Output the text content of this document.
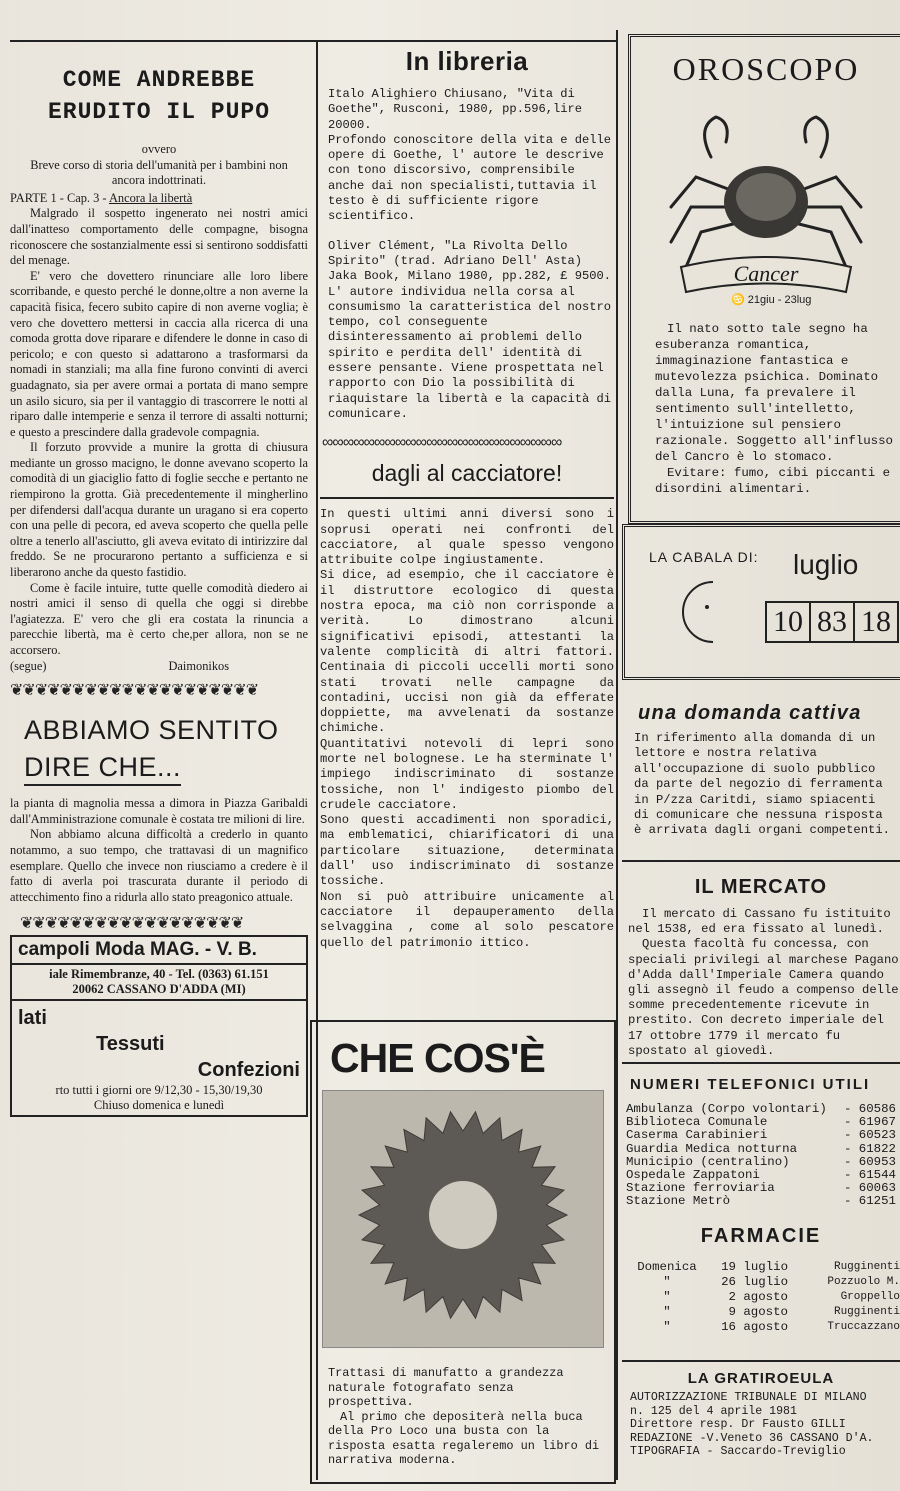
COME ANDREBBE ERUDITO IL PUPO
ovvero
Breve corso di storia dell'umanità per i bambini non ancora indottrinati.
PARTE 1 - Cap. 3 - Ancora la libertà

Malgrado il sospetto ingenerato nei nostri amici dall'inatteso comportamento delle compagne, bisogna riconoscere che sostanzialmente essi si sentirono soddisfatti del menage.

E' vero che dovettero rinunciare alle loro libere scorribande, e questo perché le donne,oltre a non averne la capacità fisica, fecero subito capire di non averne voglia; è vero che dovettero mettersi in caccia alla ricerca di una comoda grotta dove riparare e difendere le donne in caso di pericolo; e con questo si adattarono a trasformarsi da nomadi in stanziali; ma alla fine furono convinti di averci guadagnato, sia per avere ormai a portata di mano sempre un asilo sicuro, sia per il vantaggio di trascorrere le notti al riparo dalle intemperie e senza il terrore di assalti notturni; e questo a prescindere dalla gradevole compagnia.

Il forzuto provvide a munire la grotta di chiusura mediante un grosso macigno, le donne avevano scoperto la comodità di un giaciglio fatto di foglie secche e pertanto ne riempirono la grotta. Già precedentemente il mingherlino per difendersi dall'acqua durante un uragano si era coperto con una pelle di pecora, ed aveva scoperto che quella pelle oltre a tenerlo all'asciutto, gli aveva evitato di intirizzire dal freddo. Se ne procurarono pertanto a sufficienza e si liberarono anche da questo fastidio.

Come è facile intuire, tutte quelle comodità diedero ai nostri amici il senso di quella che oggi si direbbe l'agiatezza. E' vero che gli era costata la rinuncia a parecchie libertà, ma è certo che,per allora, non se ne accorsero.

(segue)	Daimonikos
❦❦❦❦❦❦❦❦❦❦❦❦❦❦❦❦❦❦❦❦
ABBIAMO SENTITO
DIRE CHE...

la pianta di magnolia messa a dimora in Piazza Garibaldi dall'Amministrazione comunale è costata tre milioni di lire.

Non abbiamo alcuna difficoltà a crederlo in quanto notammo, a suo tempo, che trattavasi di un magnifico esemplare. Quello che invece non riusciamo a credere è il fatto di averla poi trascurata durante il periodo di attecchimento fino a ridurla allo stato preagonico attuale.

❦❦❦❦❦❦❦❦❦❦❦❦❦❦❦❦❦❦
campoli Moda MAG. - V. B.
iale Rimembranze, 40 - Tel. (0363) 61.151
20062 CASSANO D'ADDA (MI)
lati
Tessuti
Confezioni
rto tutti i giorni ore 9/12,30 - 15,30/19,30
Chiuso domenica e lunedì
In libreria

Italo Alighiero Chiusano, "Vita di Goethe", Rusconi, 1980, pp.596,lire 20000.

Profondo conoscitore della vita e delle opere di Goethe, l' autore le descrive con tono discorsivo, comprensibile anche dai non specialisti,tuttavia il testo è di sufficiente rigore scientifico.

Oliver Clément, "La Rivolta Dello Spirito" (trad. Adriano Dell' Asta) Jaka Book, Milano 1980, pp.282, £ 9500.

L' autore individua nella corsa al consumismo la caratteristica del nostro tempo, col conseguente disinteressamento ai problemi dello spirito e perdita dell' identità di essere pensante. Viene prospettata nel rapporto con Dio la possibilità di riaquistare la libertà e la capacità di comunicare.

∞∞∞∞∞∞∞∞∞∞∞∞∞∞∞∞∞∞∞∞∞∞∞
dagli al cacciatore!

In questi ultimi anni diversi sono i soprusi operati nei confronti del cacciatore, al quale spesso vengono attribuite colpe ingiustamente.

Si dice, ad esempio, che il cacciatore è il distruttore ecologico di questa nostra epoca, ma ciò non corrisponde a verità. Lo dimostrano alcuni significativi episodi, attestanti la valente complicità di altri fattori. Centinaia di piccoli uccelli morti sono stati trovati nelle campagne da contadini, uccisi non già da efferate doppiette, ma avvelenati da sostanze chimiche.

Quantitativi notevoli di lepri sono morte nel bolognese. Le ha sterminate l' impiego indiscriminato di sostanze tossiche, non l' indigesto piombo del crudele cacciatore.

Sono questi accadimenti non sporadici, ma emblematici, chiarificatori di una particolare situazione, determinata dall' uso indiscriminato di sostanze tossiche.

Non si può attribuire unicamente al cacciatore il depauperamento della selvaggina , come al solo pescatore quello del patrimonio ittico.

CHE COS'È

Trattasi di manufatto a grandezza naturale fotografato senza prospettiva.

Al primo che depositerà nella buca della Pro Loco una busta con la risposta esatta regaleremo un libro di narrativa moderna.

OROSCOPO
Cancer
♋ 21giu - 23lug

Il nato sotto tale segno ha esuberanza romantica, immaginazione fantastica e mutevolezza psichica. Dominato dalla Luna, fa prevalere il sentimento sull'intelletto, l'intuizione sul pensiero razionale. Soggetto all'influsso del Cancro è lo stomaco.

Evitare: fumo, cibi piccanti e disordini alimentari.

LA CABALA DI: luglio
10 83 18
una domanda cattiva
In riferimento alla domanda di un lettore e nostra relativa all'occupazione di suolo pubblico da parte del negozio di ferramenta in P/zza Caritdi, siamo spiacenti di comunicare che nessuna risposta è arrivata dagli organi competenti.
IL MERCATO

Il mercato di Cassano fu istituito nel 1538, ed era fissato al lunedì.

Questa facoltà fu concessa, con speciali privilegi al marchese Pagano d'Adda dall'Imperiale Camera quando gli assegnò il feudo a compenso delle somme precedentemente ricevute in prestito. Con decreto imperiale del 17 ottobre 1779 il mercato fu spostato al giovedì.

NUMERI TELEFONICI UTILI
Ambulanza (Corpo volontari) - 60586
Biblioteca Comunale	- 61967
Caserma Carabinieri	- 60523
Guardia Medica notturna	- 61822
Municipio (centralino)	- 60953
Ospedale Zappatoni	- 61544
Stazione ferroviaria	- 60063
Stazione Metrò	- 61251
FARMACIE
Domenica	19 luglio	Rugginenti
"	26 luglio	Pozzuolo M.
"	2 agosto	Groppello
"	9 agosto	Rugginenti
"	16 agosto	Truccazzano
LA GRATIROEULA
AUTORIZZAZIONE TRIBUNALE DI MILANO
n. 125 del 4 aprile 1981
Direttore resp. Dr Fausto GILLI
REDAZIONE -V.Veneto 36 CASSANO D'A.
TIPOGRAFIA - Saccardo-Treviglio
